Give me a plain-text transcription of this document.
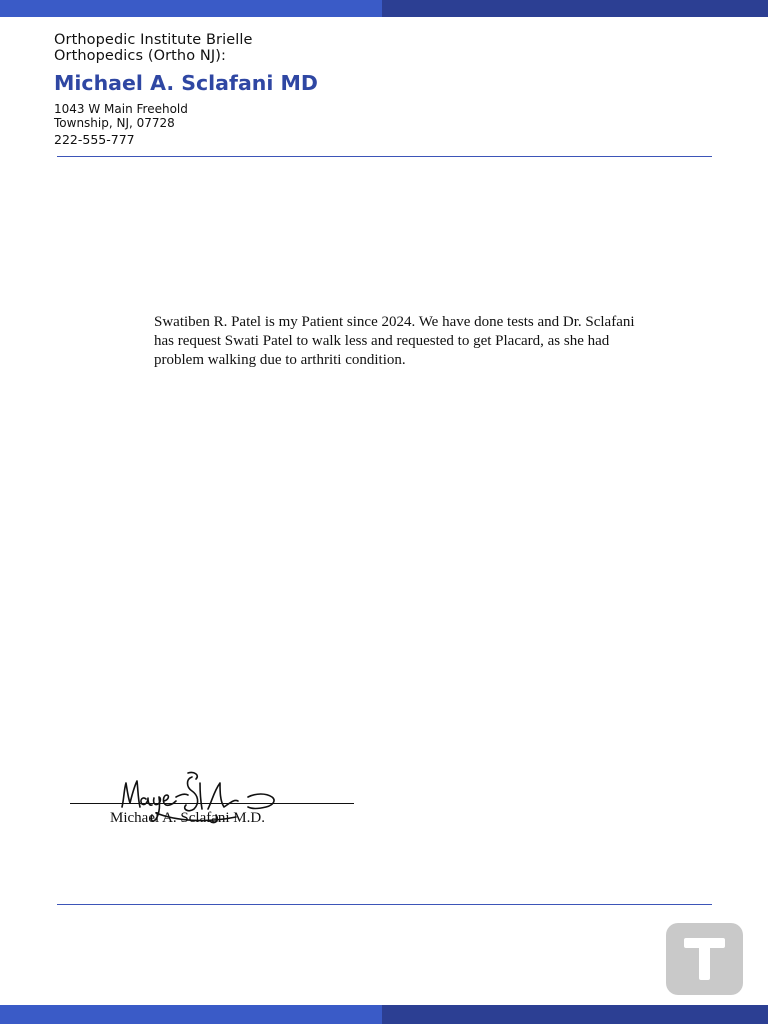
Orthopedic Institute Brielle
Orthopedics (Ortho NJ):
Michael A. Sclafani MD
1043 W Main Freehold
Township, NJ, 07728
222-555-777
Swatiben R. Patel is my Patient since 2024. We have done tests and Dr. Sclafani has request Swati Patel to walk less and requested to get Placard, as she had problem walking due to arthriti condition.
Michael A. Sclafani M.D.
